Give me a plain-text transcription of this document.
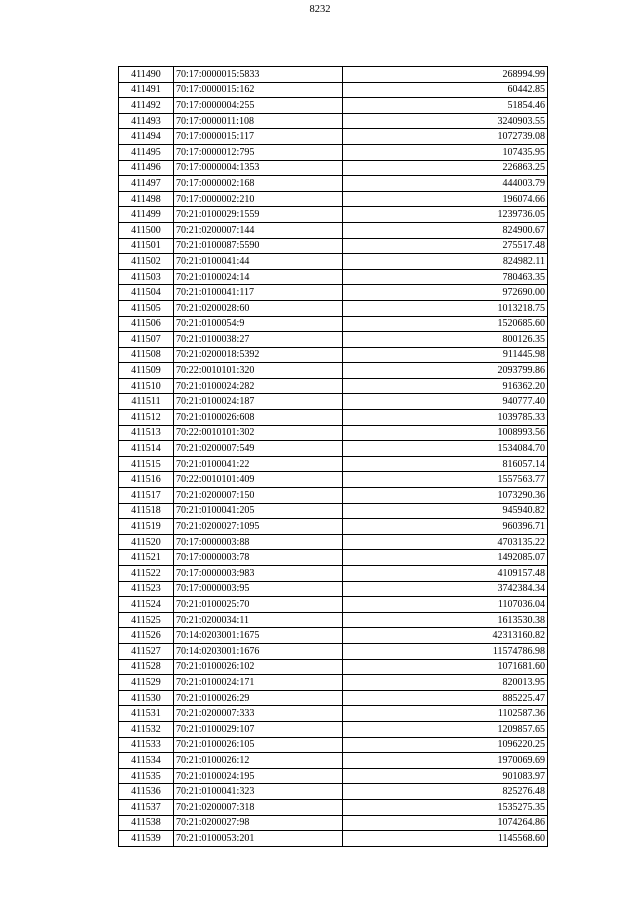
8232
411490	70:17:0000015:5833	268994.99
411491	70:17:0000015:162	60442.85
411492	70:17:0000004:255	51854.46
411493	70:17:0000011:108	3240903.55
411494	70:17:0000015:117	1072739.08
411495	70:17:0000012:795	107435.95
411496	70:17:0000004:1353	226863.25
411497	70:17:0000002:168	444003.79
411498	70:17:0000002:210	196074.66
411499	70:21:0100029:1559	1239736.05
411500	70:21:0200007:144	824900.67
411501	70:21:0100087:5590	275517.48
411502	70:21:0100041:44	824982.11
411503	70:21:0100024:14	780463.35
411504	70:21:0100041:117	972690.00
411505	70:21:0200028:60	1013218.75
411506	70:21:0100054:9	1520685.60
411507	70:21:0100038:27	800126.35
411508	70:21:0200018:5392	911445.98
411509	70:22:0010101:320	2093799.86
411510	70:21:0100024:282	916362.20
411511	70:21:0100024:187	940777.40
411512	70:21:0100026:608	1039785.33
411513	70:22:0010101:302	1008993.56
411514	70:21:0200007:549	1534084.70
411515	70:21:0100041:22	816057.14
411516	70:22:0010101:409	1557563.77
411517	70:21:0200007:150	1073290.36
411518	70:21:0100041:205	945940.82
411519	70:21:0200027:1095	960396.71
411520	70:17:0000003:88	4703135.22
411521	70:17:0000003:78	1492085.07
411522	70:17:0000003:983	4109157.48
411523	70:17:0000003:95	3742384.34
411524	70:21:0100025:70	1107036.04
411525	70:21:0200034:11	1613530.38
411526	70:14:0203001:1675	42313160.82
411527	70:14:0203001:1676	11574786.98
411528	70:21:0100026:102	1071681.60
411529	70:21:0100024:171	820013.95
411530	70:21:0100026:29	885225.47
411531	70:21:0200007:333	1102587.36
411532	70:21:0100029:107	1209857.65
411533	70:21:0100026:105	1096220.25
411534	70:21:0100026:12	1970069.69
411535	70:21:0100024:195	901083.97
411536	70:21:0100041:323	825276.48
411537	70:21:0200007:318	1535275.35
411538	70:21:0200027:98	1074264.86
411539	70:21:0100053:201	1145568.60
